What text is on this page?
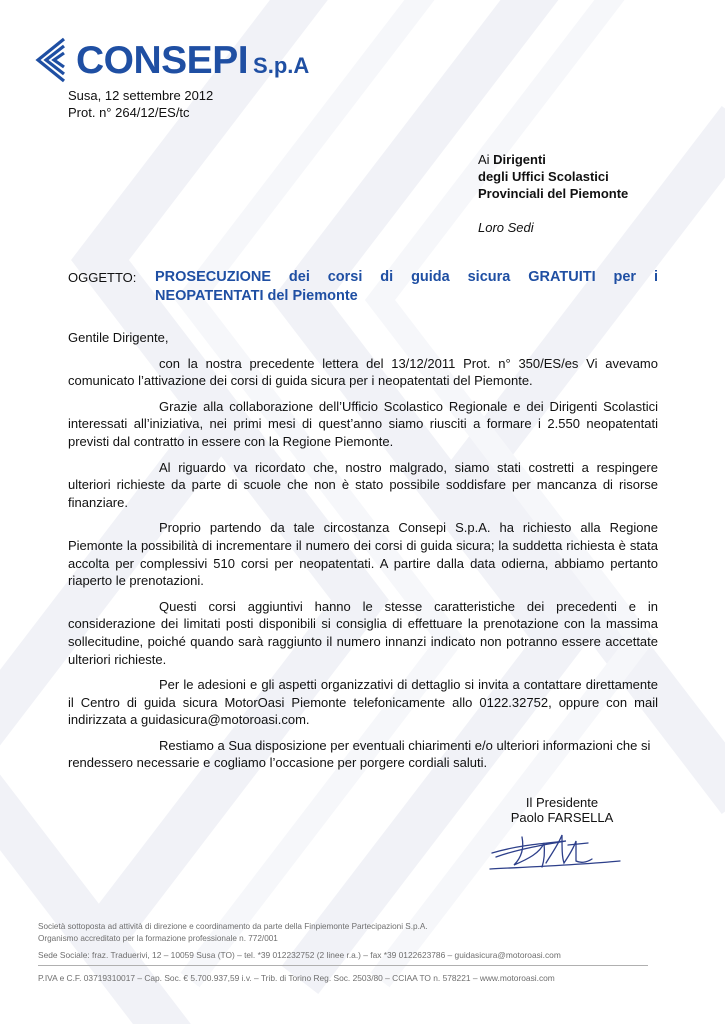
CONSEPI S.p.A
Susa, 12 settembre 2012
Prot. n° 264/12/ES/tc
Ai Dirigenti
degli Uffici Scolastici
Provinciali del Piemonte
Loro Sedi
OGGETTO:	PROSECUZIONE dei corsi di guida sicura GRATUITI per i NEOPATENTATI del Piemonte

Gentile Dirigente,

con la nostra precedente lettera del 13/12/2011 Prot. n° 350/ES/es Vi avevamo comunicato l’attivazione dei corsi di guida sicura per i neopatentati del Piemonte.

Grazie alla collaborazione dell’Ufficio Scolastico Regionale e dei Dirigenti Scolastici interessati all’iniziativa, nei primi mesi di quest’anno siamo riusciti a formare i 2.550 neopatentati previsti dal contratto in essere con la Regione Piemonte.

Al riguardo va ricordato che, nostro malgrado, siamo stati costretti a respingere ulteriori richieste da parte di scuole che non è stato possibile soddisfare per mancanza di risorse finanziare.

Proprio partendo da tale circostanza Consepi S.p.A. ha richiesto alla Regione Piemonte la possibilità di incrementare il numero dei corsi di guida sicura; la suddetta richiesta è stata accolta per complessivi 510 corsi per neopatentati. A partire dalla data odierna, abbiamo pertanto riaperto le prenotazioni.

Questi corsi aggiuntivi hanno le stesse caratteristiche dei precedenti e in considerazione dei limitati posti disponibili si consiglia di effettuare la prenotazione con la massima sollecitudine, poiché quando sarà raggiunto il numero innanzi indicato non potranno essere accettate ulteriori richieste.

Per le adesioni e gli aspetti organizzativi di dettaglio si invita a contattare direttamente il Centro di guida sicura MotorOasi Piemonte telefonicamente allo 0122.32752, oppure con mail indirizzata a guidasicura@motoroasi.com.

Restiamo a Sua disposizione per eventuali chiarimenti e/o ulteriori informazioni che si rendessero necessarie e cogliamo l’occasione per porgere cordiali saluti.

Il Presidente
Paolo FARSELLA
Società sottoposta ad attività di direzione e coordinamento da parte della Finpiemonte Partecipazioni S.p.A.
Organismo accreditato per la formazione professionale n. 772/001
Sede Sociale: fraz. Traduerivi, 12 – 10059 Susa (TO) – tel. *39 012232752 (2 linee r.a.) – fax *39 0122623786 – guidasicura@motoroasi.com
P.IVA e C.F. 03719310017 – Cap. Soc. € 5.700.937,59 i.v. – Trib. di Torino Reg. Soc. 2503/80 – CCIAA TO n. 578221 – www.motoroasi.com
